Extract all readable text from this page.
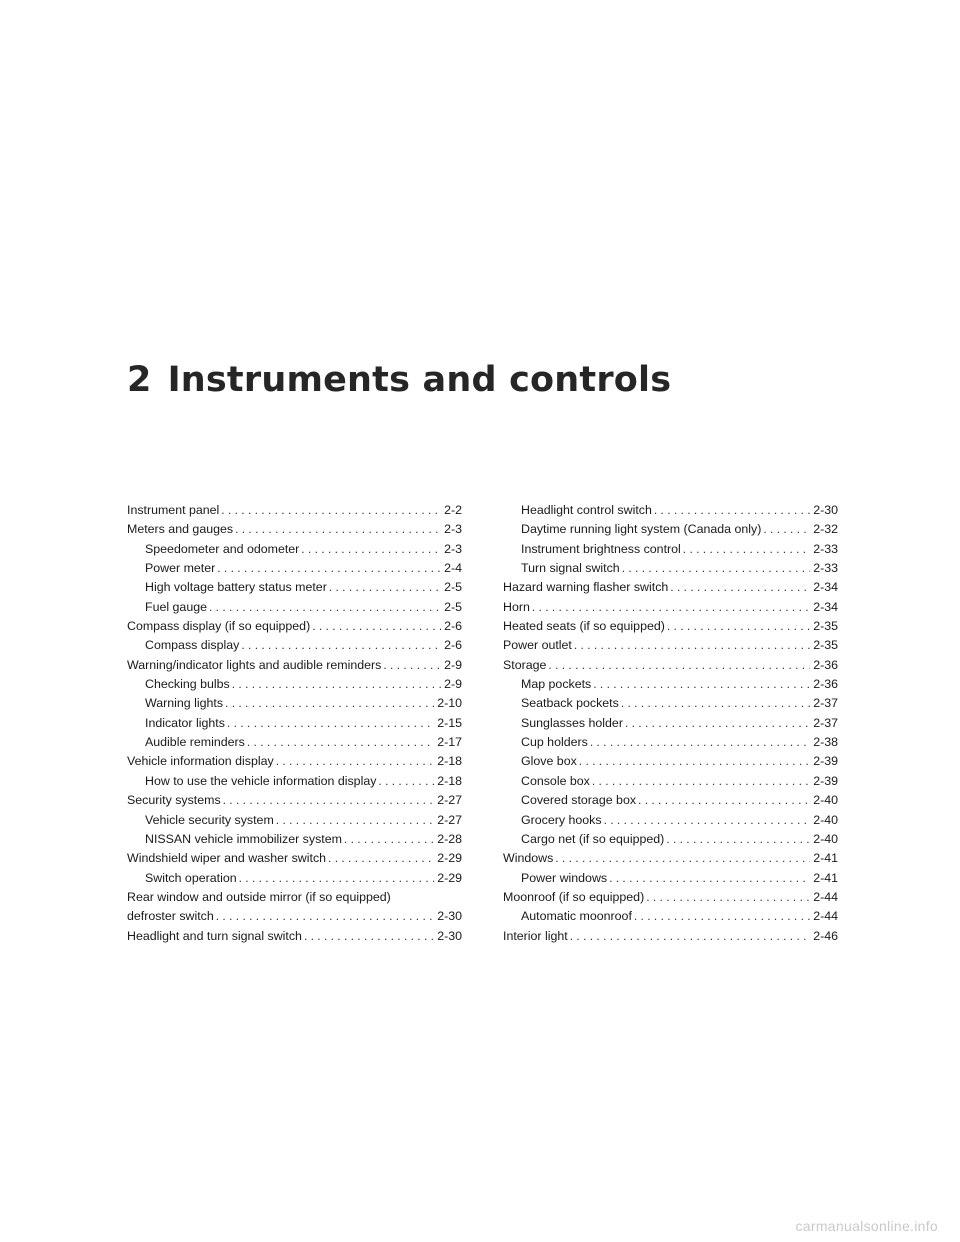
2 Instruments and controls
Instrument panel . . .	2-2
Meters and gauges . . .	2-3
Speedometer and odometer . . .	2-3
Power meter . . .	2-4
High voltage battery status meter . . .	2-5
Fuel gauge . . .	2-5
Compass display (if so equipped) . . .	2-6
Compass display . . .	2-6
Warning/indicator lights and audible reminders . . .	2-9
Checking bulbs . . .	2-9
Warning lights . . .	2-10
Indicator lights . . .	2-15
Audible reminders . . .	2-17
Vehicle information display . . .	2-18
How to use the vehicle information display . . .	2-18
Security systems . . .	2-27
Vehicle security system . . .	2-27
NISSAN vehicle immobilizer system . . .	2-28
Windshield wiper and washer switch . . .	2-29
Switch operation . . .	2-29
Rear window and outside mirror (if so equipped)
defroster switch . . .	2-30
Headlight and turn signal switch . . .	2-30
Headlight control switch . . .	2-30
Daytime running light system (Canada only) . . .	2-32
Instrument brightness control . . .	2-33
Turn signal switch . . .	2-33
Hazard warning flasher switch . . .	2-34
Horn . . .	2-34
Heated seats (if so equipped) . . .	2-35
Power outlet . . .	2-35
Storage . . .	2-36
Map pockets . . .	2-36
Seatback pockets . . .	2-37
Sunglasses holder . . .	2-37
Cup holders . . .	2-38
Glove box . . .	2-39
Console box . . .	2-39
Covered storage box . . .	2-40
Grocery hooks . . .	2-40
Cargo net (if so equipped) . . .	2-40
Windows . . .	2-41
Power windows . . .	2-41
Moonroof (if so equipped) . . .	2-44
Automatic moonroof . . .	2-44
Interior light . . .	2-46
carmanualsonline.info
